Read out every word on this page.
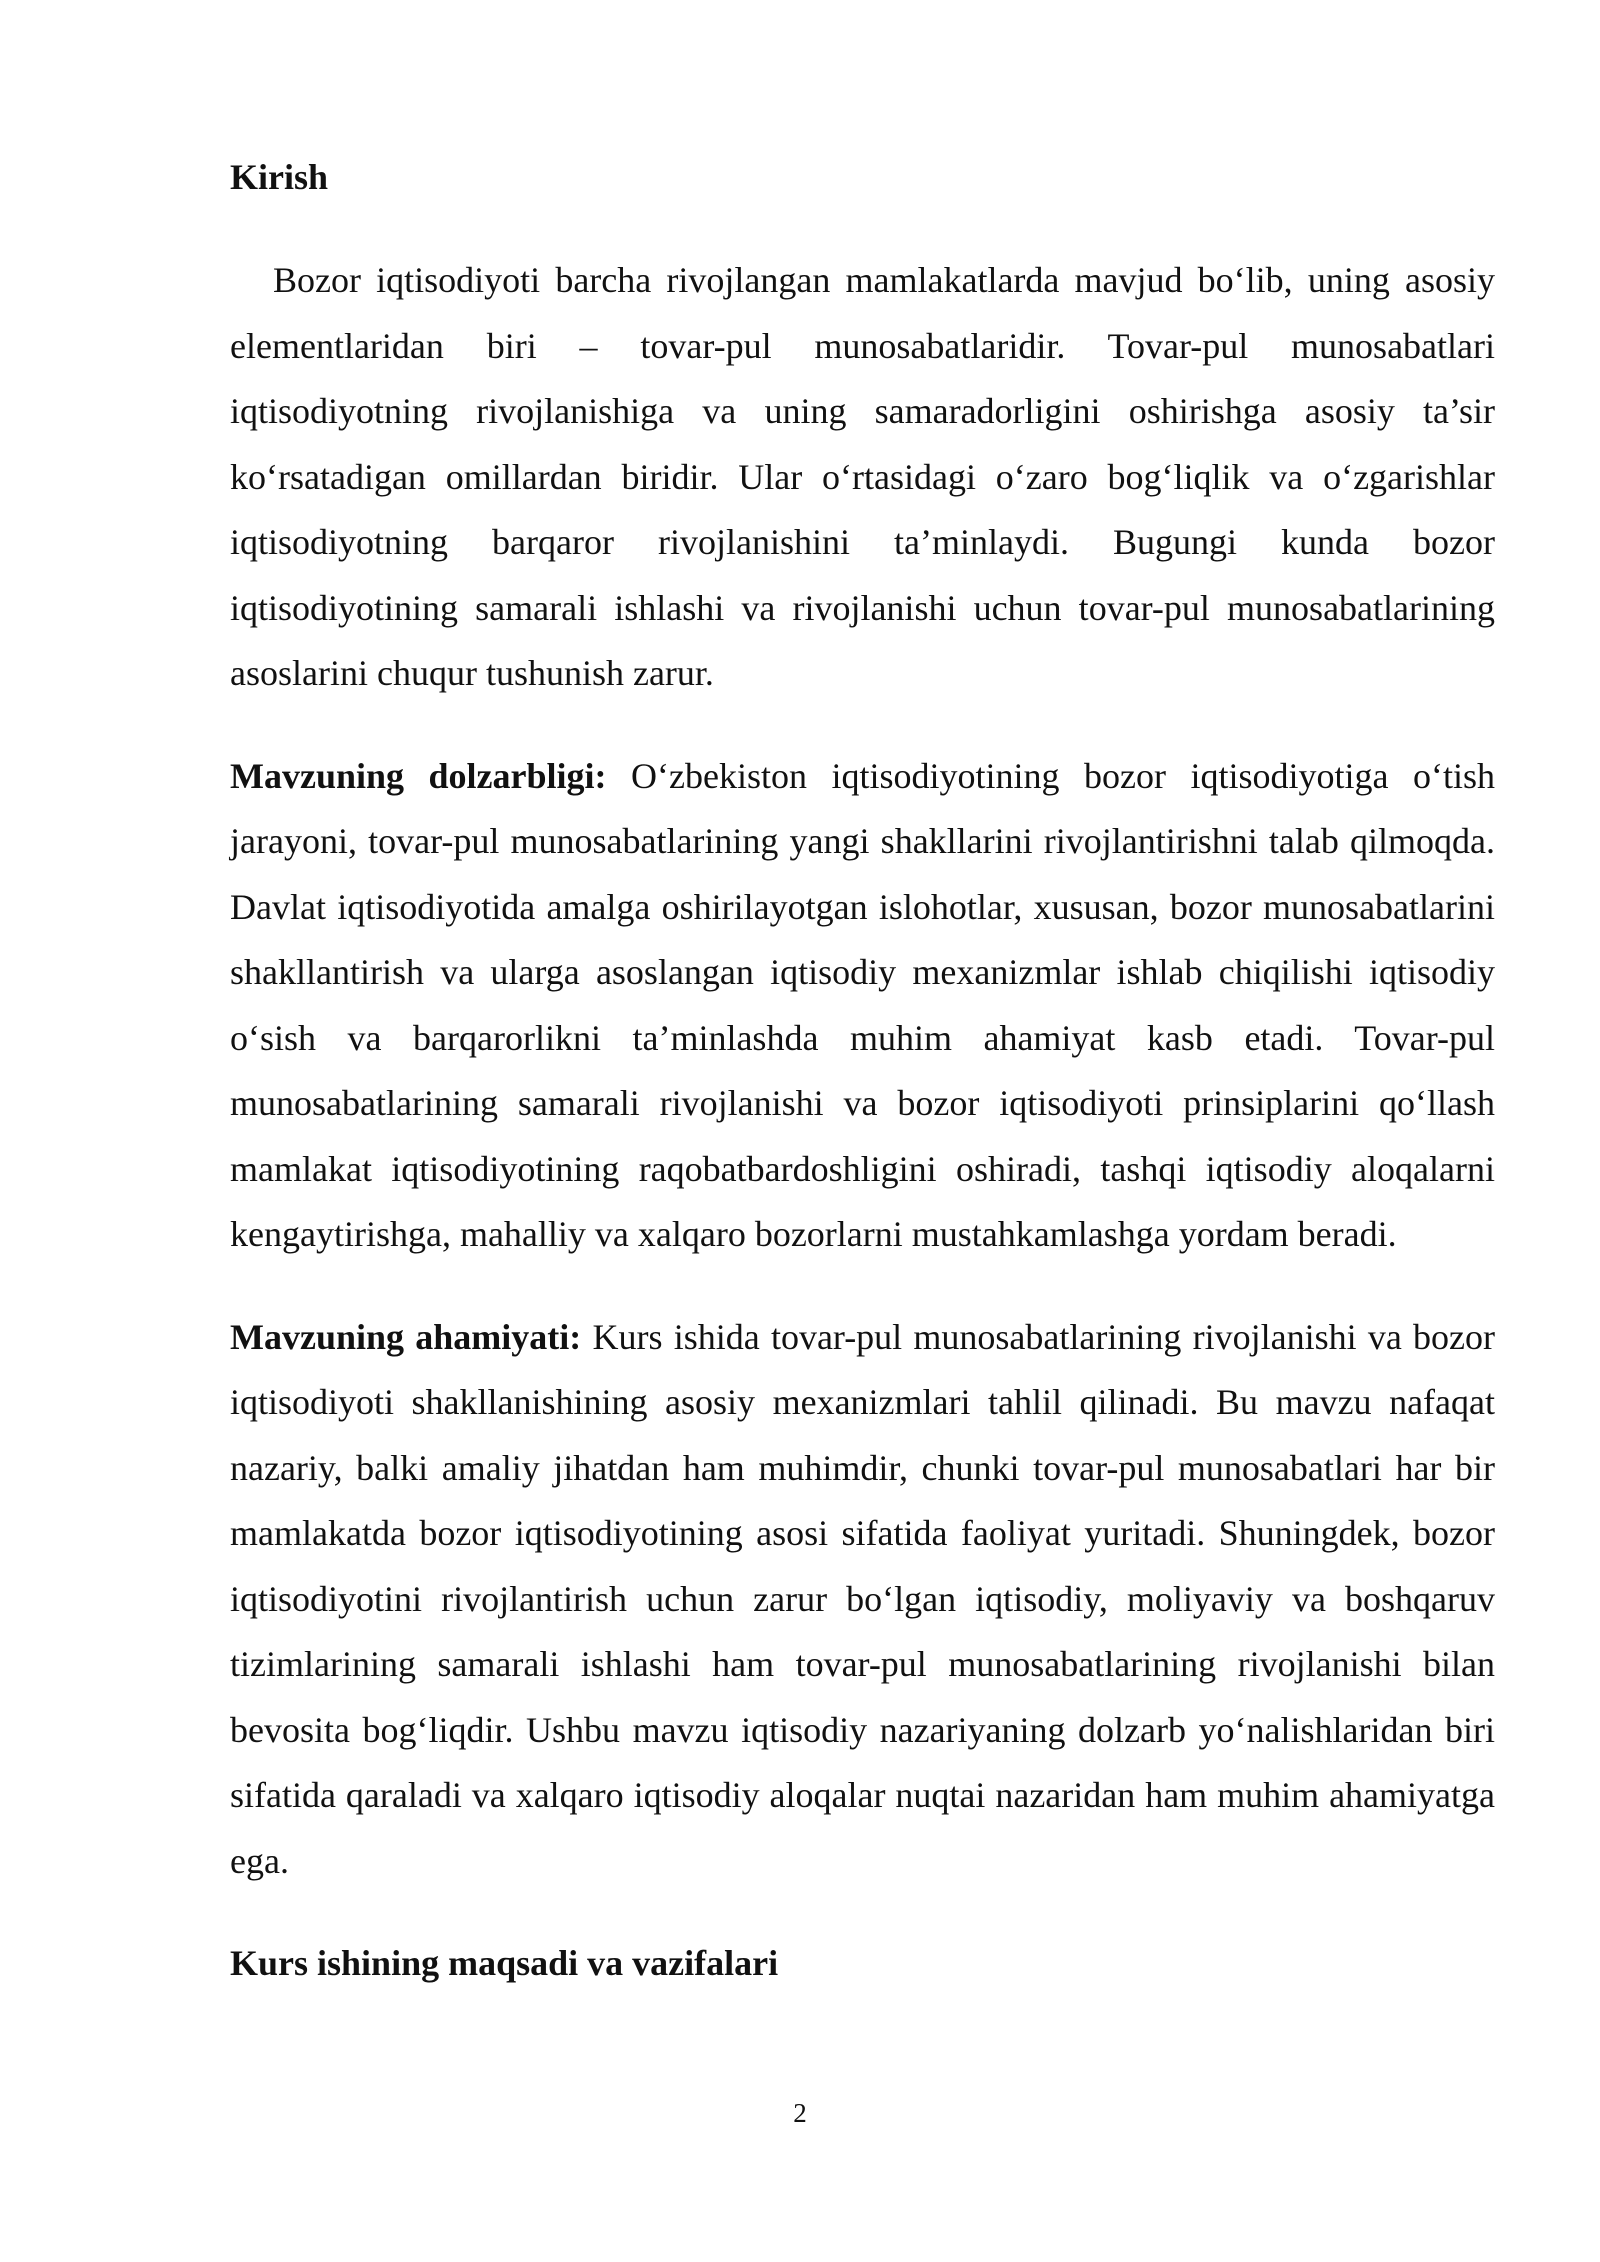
Kirish

Bozor iqtisodiyoti barcha rivojlangan mamlakatlarda mavjud bo‘lib, uning asosiy elementlaridan biri – tovar-pul munosabatlaridir. Tovar-pul munosabatlari iqtisodiyotning rivojlanishiga va uning samaradorligini oshirishga asosiy ta’sir ko‘rsatadigan omillardan biridir. Ular o‘rtasidagi o‘zaro bog‘liqlik va o‘zgarishlar iqtisodiyotning barqaror rivojlanishini ta’minlaydi. Bugungi kunda bozor iqtisodiyotining samarali ishlashi va rivojlanishi uchun tovar-pul munosabatlarining asoslarini chuqur tushunish zarur.

Mavzuning dolzarbligi: O‘zbekiston iqtisodiyotining bozor iqtisodiyotiga o‘tish jarayoni, tovar-pul munosabatlarining yangi shakllarini rivojlantirishni talab qilmoqda. Davlat iqtisodiyotida amalga oshirilayotgan islohotlar, xususan, bozor munosabatlarini shakllantirish va ularga asoslangan iqtisodiy mexanizmlar ishlab chiqilishi iqtisodiy o‘sish va barqarorlikni ta’minlashda muhim ahamiyat kasb etadi. Tovar-pul munosabatlarining samarali rivojlanishi va bozor iqtisodiyoti prinsiplarini qo‘llash mamlakat iqtisodiyotining raqobatbardoshligini oshiradi, tashqi iqtisodiy aloqalarni kengaytirishga, mahalliy va xalqaro bozorlarni mustahkamlashga yordam beradi.

Mavzuning ahamiyati: Kurs ishida tovar-pul munosabatlarining rivojlanishi va bozor iqtisodiyoti shakllanishining asosiy mexanizmlari tahlil qilinadi. Bu mavzu nafaqat nazariy, balki amaliy jihatdan ham muhimdir, chunki tovar-pul munosabatlari har bir mamlakatda bozor iqtisodiyotining asosi sifatida faoliyat yuritadi. Shuningdek, bozor iqtisodiyotini rivojlantirish uchun zarur bo‘lgan iqtisodiy, moliyaviy va boshqaruv tizimlarining samarali ishlashi ham tovar-pul munosabatlarining rivojlanishi bilan bevosita bog‘liqdir. Ushbu mavzu iqtisodiy nazariyaning dolzarb yo‘nalishlaridan biri sifatida qaraladi va xalqaro iqtisodiy aloqalar nuqtai nazaridan ham muhim ahamiyatga ega.

Kurs ishining maqsadi va vazifalari
2
